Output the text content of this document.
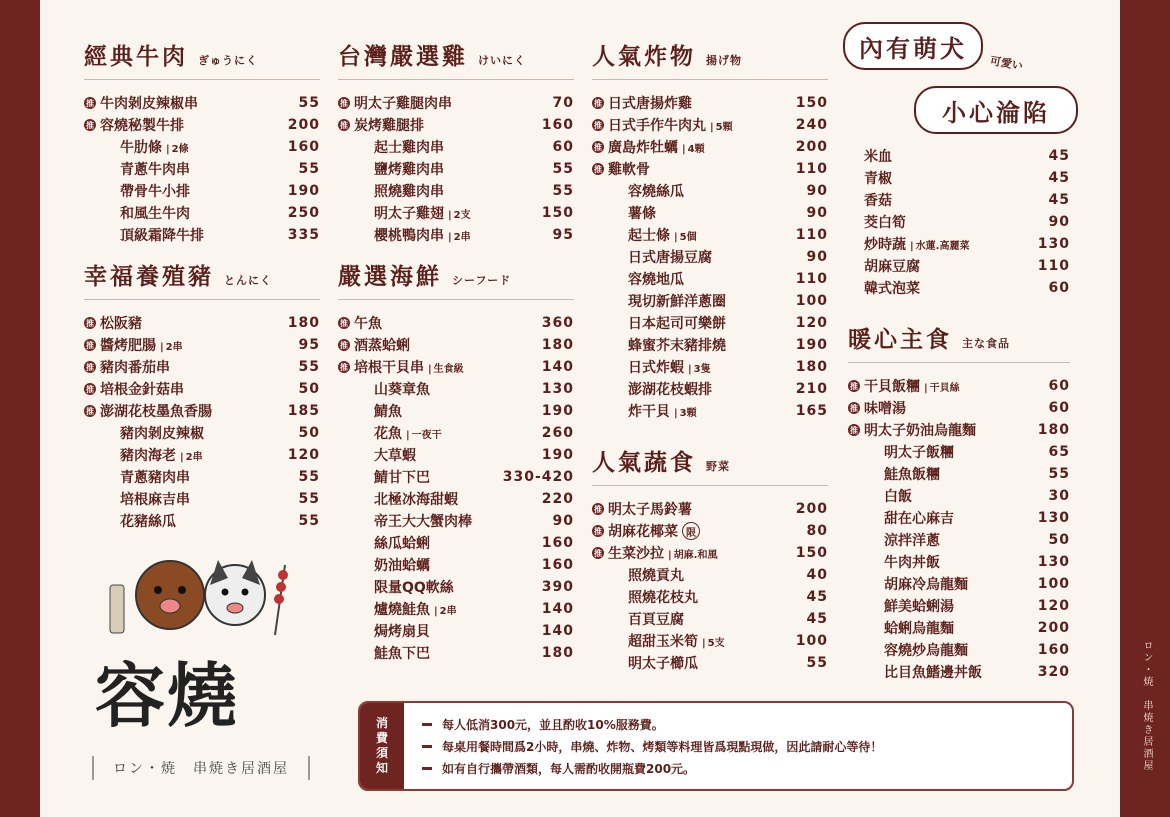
經典牛肉 ぎゅうにく
推 牛肉剝皮辣椒串	55
推 容燒秘製牛排	200
牛肋條 | 2條	160
青蔥牛肉串	55
帶骨牛小排	190
和風生牛肉	250
頂級霜降牛排	335
幸福養殖豬 とんにく
推 松阪豬	180
推 醬烤肥腸 | 2串	95
推 豬肉番茄串	55
推 培根金針菇串	50
推 澎湖花枝墨魚香腸	185
豬肉剝皮辣椒	50
豬肉海老 | 2串	120
青蔥豬肉串	55
培根麻吉串	55
花豬絲瓜	55
台灣嚴選雞 けいにく
推 明太子雞腿肉串	70
推 炭烤雞腿排	160
起士雞肉串	60
鹽烤雞肉串	55
照燒雞肉串	55
明太子雞翅 | 2支	150
櫻桃鴨肉串 | 2串	95
嚴選海鮮 シーフード
推 午魚	360
推 酒蒸蛤蜊	180
推 培根干貝串 | 生食級	140
山葵章魚	130
鯖魚	190
花魚 | 一夜干	260
大草蝦	190
鯖甘下巴	330-420
北極冰海甜蝦	220
帝王大大蟹肉棒	90
絲瓜蛤蜊	160
奶油蛤蠣	160
限量QQ軟絲	390
爐燒鮭魚 | 2串	140
焗烤扇貝	140
鮭魚下巴	180
人氣炸物 揚げ物
推 日式唐揚炸雞	150
推 日式手作牛肉丸 | 5顆	240
推 廣島炸牡蠣 | 4顆	200
推 雞軟骨	110
容燒絲瓜	90
薯條	90
起士條 | 5個	110
日式唐揚豆腐	90
容燒地瓜	110
現切新鮮洋蔥圈	100
日本起司可樂餅	120
蜂蜜芥末豬排燒	190
日式炸蝦 | 3隻	180
澎湖花枝蝦排	210
炸干貝 | 3顆	165
人氣蔬食 野菜
推 明太子馬鈴薯	200
推 胡麻花椰菜 限	80
推 生菜沙拉 | 胡麻.和風	150
照燒貢丸	40
照燒花枝丸	45
百頁豆腐	45
超甜玉米筍 | 5支	100
明太子櫛瓜	55
內有萌犬
可愛い
小心淪陷
米血	45
青椒	45
香菇	45
茭白筍	90
炒時蔬 | 水蓮.高麗菜	130
胡麻豆腐	110
韓式泡菜	60
暖心主食 主な食品
推 干貝飯糰 | 干貝絲	60
推 味噌湯	60
推 明太子奶油烏龍麵	180
明太子飯糰	65
鮭魚飯糰	55
白飯	30
甜在心麻吉	130
涼拌洋蔥	50
牛肉丼飯	130
胡麻冷烏龍麵	100
鮮美蛤蜊湯	120
蛤蜊烏龍麵	200
容燒炒烏龍麵	160
比目魚鰭邊丼飯	320
容燒
ロン・焼　串焼き居酒屋
消
費
須
知
每人低消300元，並且酌收10%服務費。
每桌用餐時間爲2小時，串燒、炸物、烤類等料理皆爲現點現做，因此請耐心等待！
如有自行攜帶酒類，每人需酌收開瓶費200元。	ロン・焼　串焼き居酒屋
